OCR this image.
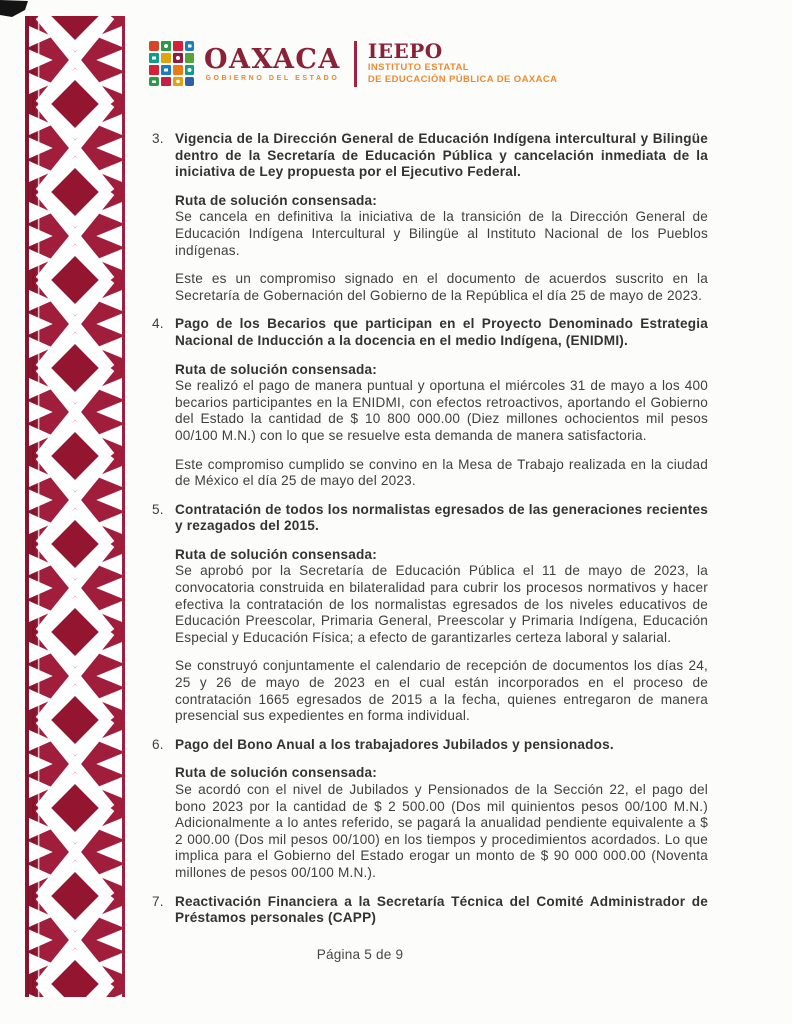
OAXACA
GOBIERNO DEL ESTADO
IEEPO
INSTITUTO ESTATAL
DE EDUCACIÓN PÚBLICA DE OAXACA
3. Vigencia de la Dirección General de Educación Indígena intercultural y Bilingüe dentro de la Secretaría de Educación Pública y cancelación inmediata de la iniciativa de Ley propuesta por el Ejecutivo Federal.

Ruta de solución consensada:

Se cancela en definitiva la iniciativa de la transición de la Dirección General de Educación Indígena Intercultural y Bilingüe al Instituto Nacional de los Pueblos indígenas.

Este es un compromiso signado en el documento de acuerdos suscrito en la Secretaría de Gobernación del Gobierno de la República el día 25 de mayo de 2023.

4. Pago de los Becarios que participan en el Proyecto Denominado Estrategia Nacional de Inducción a la docencia en el medio Indígena, (ENIDMI).

Ruta de solución consensada:

Se realizó el pago de manera puntual y oportuna el miércoles 31 de mayo a los 400 becarios participantes en la ENIDMI, con efectos retroactivos, aportando el Gobierno del Estado la cantidad de $ 10 800 000.00 (Diez millones ochocientos mil pesos 00/100 M.N.) con lo que se resuelve esta demanda de manera satisfactoria.

Este compromiso cumplido se convino en la Mesa de Trabajo realizada en la ciudad de México el día 25 de mayo del 2023.

5. Contratación de todos los normalistas egresados de las generaciones recientes y rezagados del 2015.

Ruta de solución consensada:

Se aprobó por la Secretaría de Educación Pública el 11 de mayo de 2023, la convocatoria construida en bilateralidad para cubrir los procesos normativos y hacer efectiva la contratación de los normalistas egresados de los niveles educativos de Educación Preescolar, Primaria General, Preescolar y Primaria Indígena, Educación Especial y Educación Física; a efecto de garantizarles certeza laboral y salarial.

Se construyó conjuntamente el calendario de recepción de documentos los días 24, 25 y 26 de mayo de 2023 en el cual están incorporados en el proceso de contratación 1665 egresados de 2015 a la fecha, quienes entregaron de manera presencial sus expedientes en forma individual.

6. Pago del Bono Anual a los trabajadores Jubilados y pensionados.

Ruta de solución consensada:

Se acordó con el nivel de Jubilados y Pensionados de la Sección 22, el pago del bono 2023 por la cantidad de $ 2 500.00 (Dos mil quinientos pesos 00/100 M.N.) Adicionalmente a lo antes referido, se pagará la anualidad pendiente equivalente a $ 2 000.00 (Dos mil pesos 00/100) en los tiempos y procedimientos acordados. Lo que implica para el Gobierno del Estado erogar un monto de $ 90 000 000.00 (Noventa millones de pesos 00/100 M.N.).

7. Reactivación Financiera a la Secretaría Técnica del Comité Administrador de Préstamos personales (CAPP)

Página 5 de 9
